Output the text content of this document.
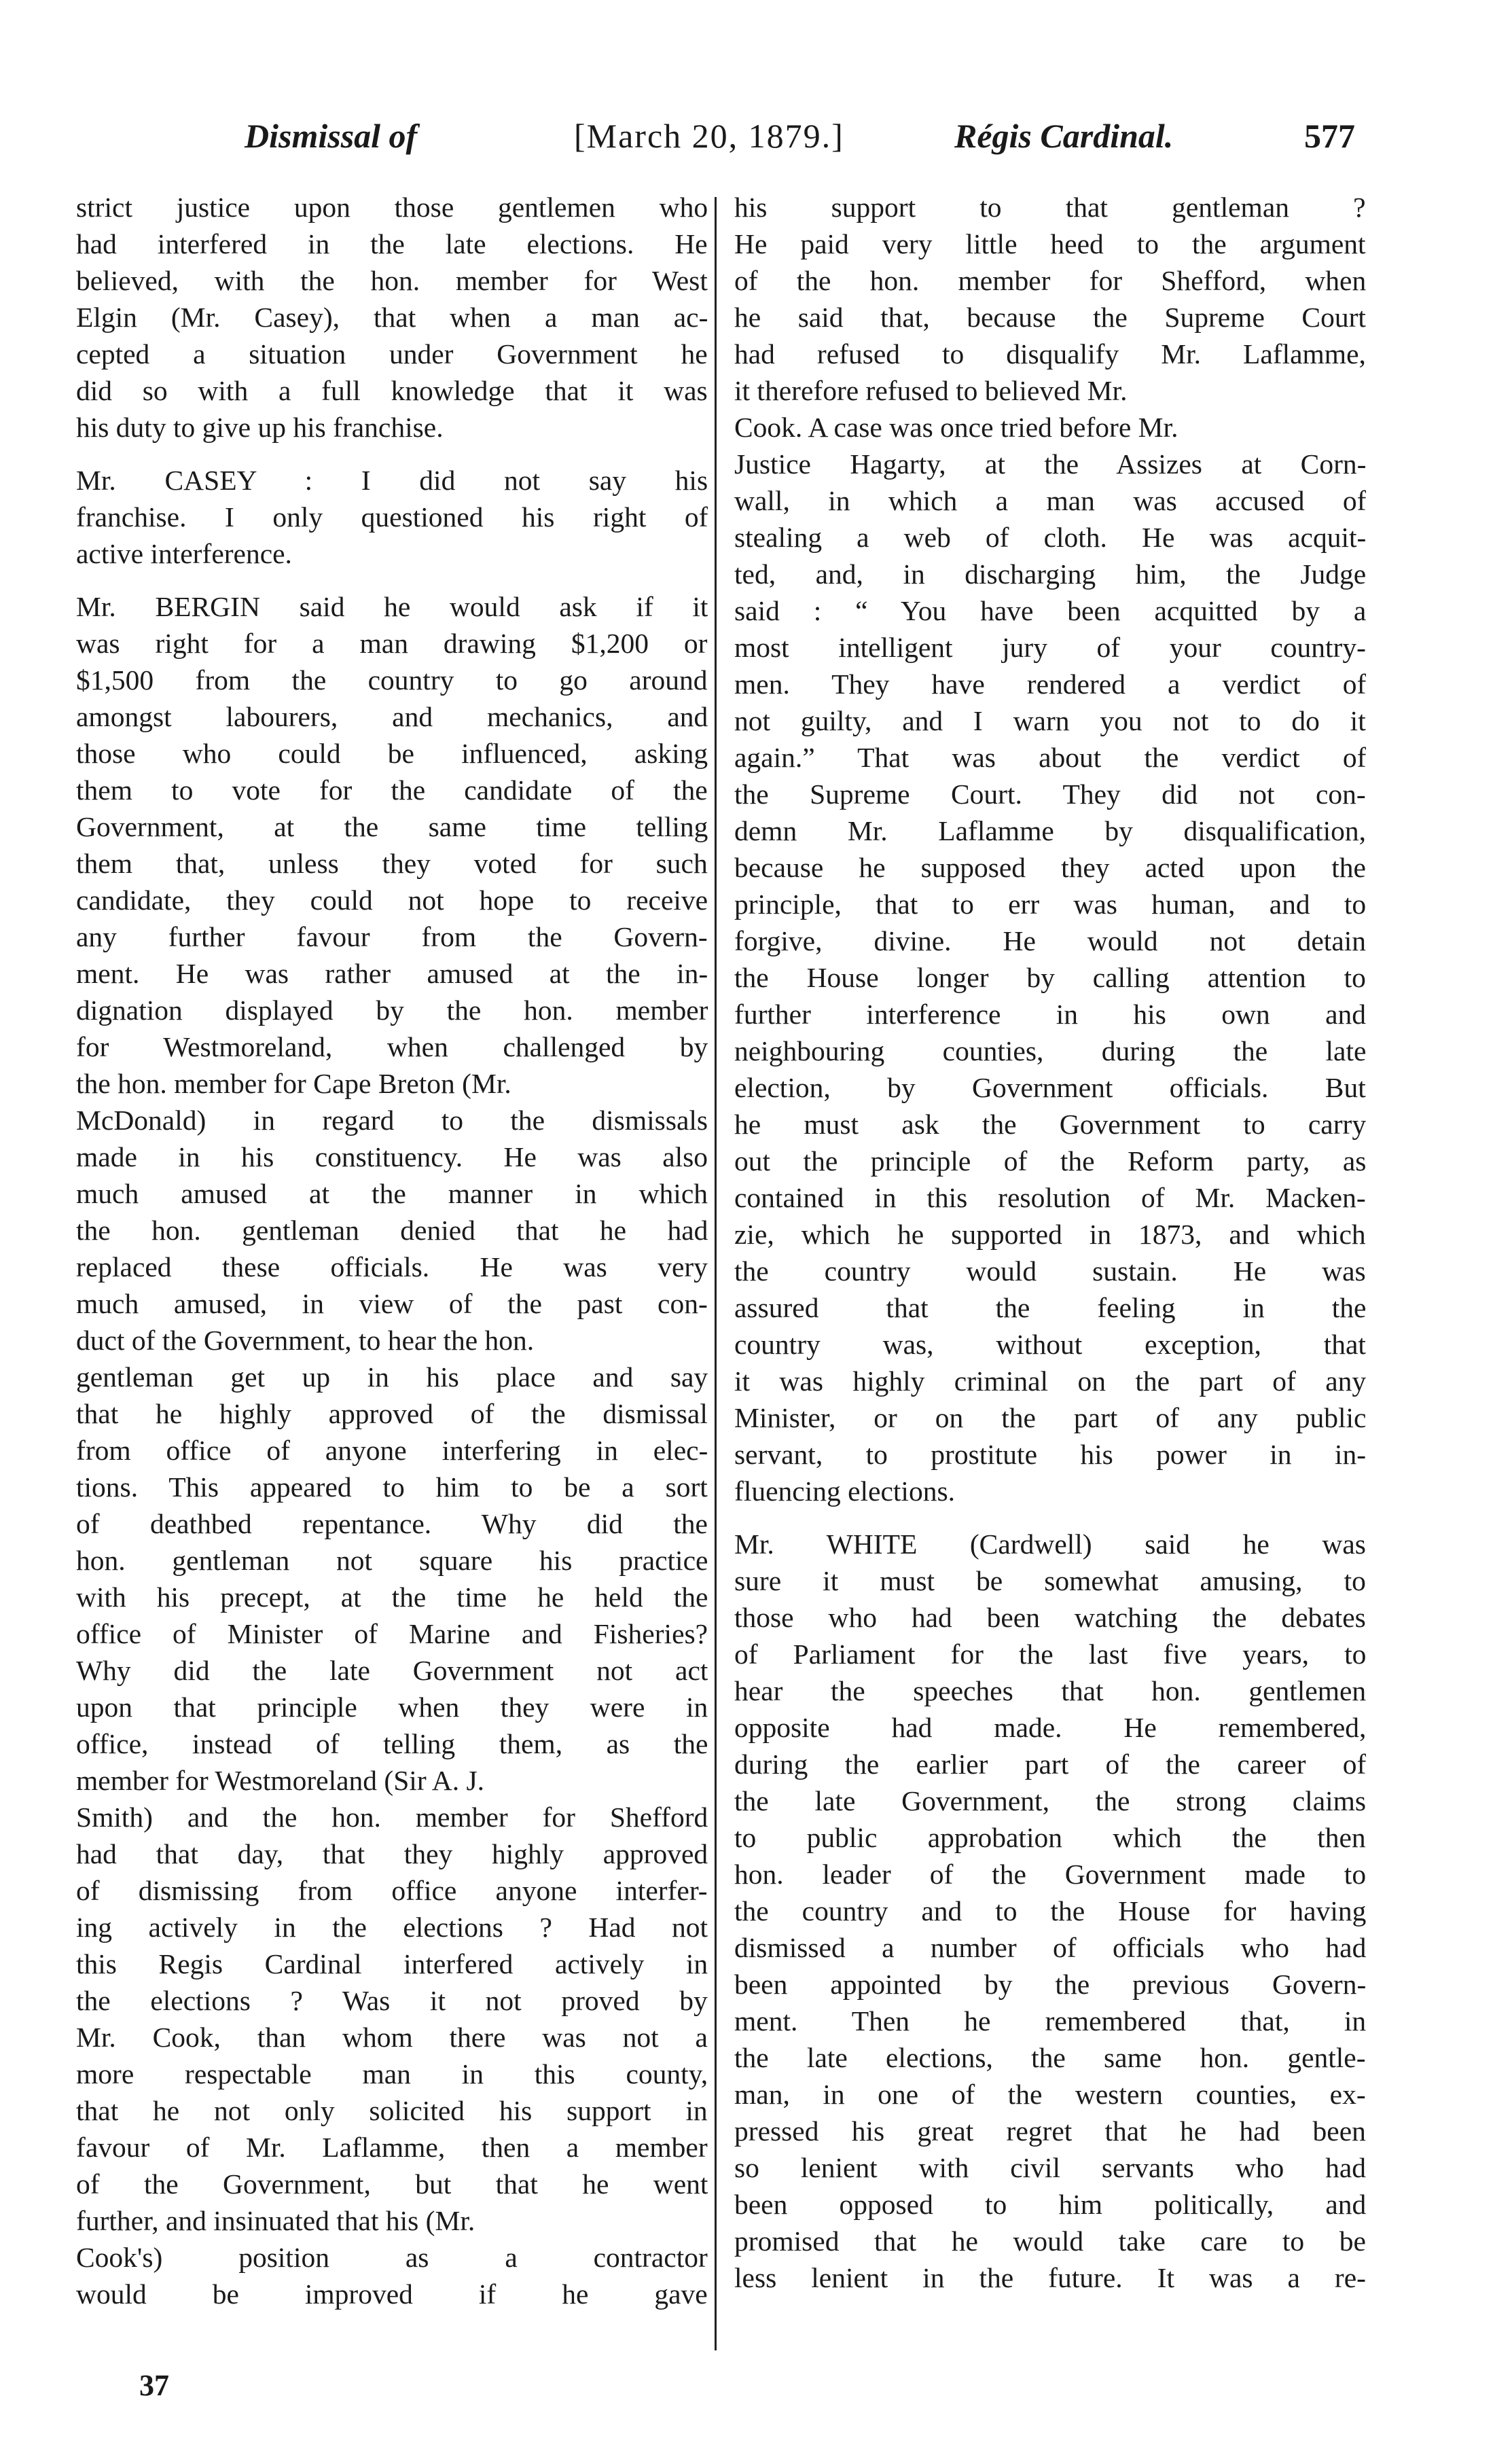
Dismissal of	[March 20, 1879.]	Régis Cardinal.	577
strict justice upon those gentlemen who
had interfered in the late elections. He
believed, with the hon. member for West
Elgin (Mr. Casey), that when a man ac-
cepted a situation under Government he
did so with a full knowledge that it was
his duty to give up his franchise.
Mr. CASEY : I did not say his
franchise. I only questioned his right of
active interference.
Mr. BERGIN said he would ask if it
was right for a man drawing $1,200 or
$1,500 from the country to go around
amongst labourers, and mechanics, and
those who could be influenced, asking
them to vote for the candidate of the
Government, at the same time telling
them that, unless they voted for such
candidate, they could not hope to receive
any further favour from the Govern-
ment. He was rather amused at the in-
dignation displayed by the hon. member
for Westmoreland, when challenged by
the hon. member for Cape Breton (Mr.
McDonald) in regard to the dismissals
made in his constituency. He was also
much amused at the manner in which
the hon. gentleman denied that he had
replaced these officials. He was very
much amused, in view of the past con-
duct of the Government, to hear the hon.
gentleman get up in his place and say
that he highly approved of the dismissal
from office of anyone interfering in elec-
tions. This appeared to him to be a sort
of deathbed repentance. Why did the
hon. gentleman not square his practice
with his precept, at the time he held the
office of Minister of Marine and Fisheries?
Why did the late Government not act
upon that principle when they were in
office, instead of telling them, as the
member for Westmoreland (Sir A. J.
Smith) and the hon. member for Shefford
had that day, that they highly approved
of dismissing from office anyone interfer-
ing actively in the elections ? Had not
this Regis Cardinal interfered actively in
the elections ? Was it not proved by
Mr. Cook, than whom there was not a
more respectable man in this county,
that he not only solicited his support in
favour of Mr. Laflamme, then a member
of the Government, but that he went
further, and insinuated that his (Mr.
Cook's) position as a contractor
would be improved if he gave
his support to that gentleman ?
He paid very little heed to the argument
of the hon. member for Shefford, when
he said that, because the Supreme Court
had refused to disqualify Mr. Laflamme,
it therefore refused to believed Mr.
Cook. A case was once tried before Mr.
Justice Hagarty, at the Assizes at Corn-
wall, in which a man was accused of
stealing a web of cloth. He was acquit-
ted, and, in discharging him, the Judge
said : “ You have been acquitted by a
most intelligent jury of your country-
men. They have rendered a verdict of
not guilty, and I warn you not to do it
again.” That was about the verdict of
the Supreme Court. They did not con-
demn Mr. Laflamme by disqualification,
because he supposed they acted upon the
principle, that to err was human, and to
forgive, divine. He would not detain
the House longer by calling attention to
further interference in his own and
neighbouring counties, during the late
election, by Government officials. But
he must ask the Government to carry
out the principle of the Reform party, as
contained in this resolution of Mr. Macken-
zie, which he supported in 1873, and which
the country would sustain. He was
assured that the feeling in the
country was, without exception, that
it was highly criminal on the part of any
Minister, or on the part of any public
servant, to prostitute his power in in-
fluencing elections.
Mr. WHITE (Cardwell) said he was
sure it must be somewhat amusing, to
those who had been watching the debates
of Parliament for the last five years, to
hear the speeches that hon. gentlemen
opposite had made. He remembered,
during the earlier part of the career of
the late Government, the strong claims
to public approbation which the then
hon. leader of the Government made to
the country and to the House for having
dismissed a number of officials who had
been appointed by the previous Govern-
ment. Then he remembered that, in
the late elections, the same hon. gentle-
man, in one of the western counties, ex-
pressed his great regret that he had been
so lenient with civil servants who had
been opposed to him politically, and
promised that he would take care to be
less lenient in the future. It was a re-
37
